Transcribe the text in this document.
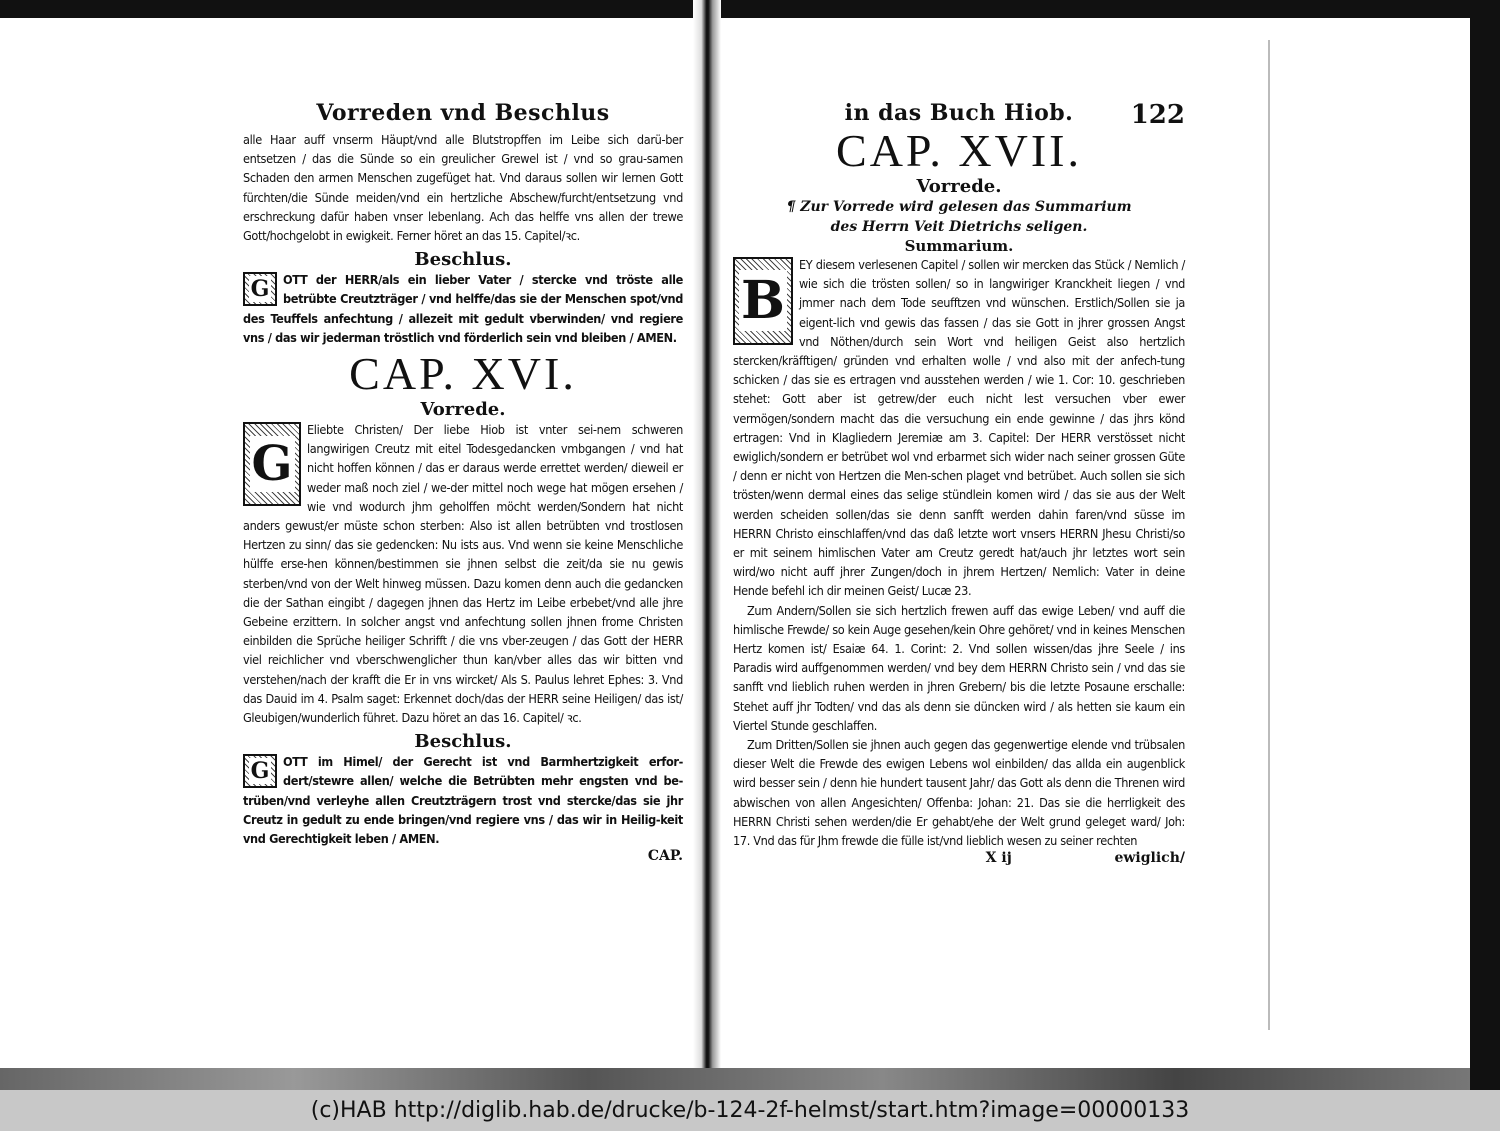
Vorreden vnd Beschlus

alle Haar auff vnserm Häupt/vnd alle Blutstropffen im Leibe sich darü-ber entsetzen / das die Sünde so ein greulicher Grewel ist / vnd so grau-samen Schaden den armen Menschen zugefüget hat. Vnd daraus sollen wir lernen Gott fürchten/die Sünde meiden/vnd ein hertzliche Abschew/furcht/entsetzung vnd erschreckung dafür haben vnser lebenlang. Ach das helffe vns allen der trewe Gott/hochgelobt in ewigkeit. Ferner höret an das 15. Capitel/ꝛc.

Beschlus.
G	OTT der HERR/als ein lieber Vater / stercke vnd tröste alle betrübte Creutzträger / vnd helffe/das sie der Menschen spot/vnd des Teuffels anfechtung / allezeit mit gedult vberwinden/ vnd regiere vns / das wir jederman tröstlich vnd förderlich sein vnd bleiben / AMEN.

CAP. XVI.
Vorrede.
G

Eliebte Christen/ Der liebe Hiob ist vnter sei-nem schweren langwirigen Creutz mit eitel Todesgedancken vmbgangen / vnd hat nicht hoffen können / das er daraus werde errettet werden/ dieweil er weder maß noch ziel / we-der mittel noch wege hat mögen ersehen / wie vnd wodurch jhm geholffen möcht werden/Sondern hat nicht anders gewust/er müste schon sterben: Also ist allen betrübten vnd trostlosen Hertzen zu sinn/ das sie gedencken: Nu ists aus. Vnd wenn sie keine Menschliche hülffe erse-hen können/bestimmen sie jhnen selbst die zeit/da sie nu gewis sterben/vnd von der Welt hinweg müssen. Dazu komen denn auch die gedancken die der Sathan eingibt / dagegen jhnen das Hertz im Leibe erbebet/vnd alle jhre Gebeine erzittern. In solcher angst vnd anfechtung sollen jhnen frome Christen einbilden die Sprüche heiliger Schrifft / die vns vber-zeugen / das Gott der HERR viel reichlicher vnd vberschwenglicher thun kan/vber alles das wir bitten vnd verstehen/nach der krafft die Er in vns wircket/ Als S. Paulus lehret Ephes: 3. Vnd das Dauid im 4. Psalm saget: Erkennet doch/das der HERR seine Heiligen/ das ist/ Gleubigen/wunderlich führet. Dazu höret an das 16. Capitel/ ꝛc.

Beschlus.
G	OTT im Himel/ der Gerecht ist vnd Barmhertzigkeit erfor-dert/stewre allen/ welche die Betrübten mehr engsten vnd be-trüben/vnd verleyhe allen Creutzträgern trost vnd stercke/das sie jhr Creutz in gedult zu ende bringen/vnd regiere vns / das wir in Heilig-keit vnd Gerechtigkeit leben / AMEN.

CAP.
in das Buch Hiob.	122
CAP. XVII.
Vorrede.
¶ Zur Vorrede wird gelesen das Summarium des Herrn Veit Dietrichs seligen.
Summarium.
B

EY diesem verlesenen Capitel / sollen wir mercken das Stück / Nemlich / wie sich die trösten sollen/ so in langwiriger Kranckheit liegen / vnd jmmer nach dem Tode seufftzen vnd wünschen. Erstlich/Sollen sie ja eigent-lich vnd gewis das fassen / das sie Gott in jhrer grossen Angst vnd Nöthen/durch sein Wort vnd heiligen Geist also hertzlich stercken/kräfftigen/ gründen vnd erhalten wolle / vnd also mit der anfech-tung schicken / das sie es ertragen vnd ausstehen werden / wie 1. Cor: 10. geschrieben stehet: Gott aber ist getrew/der euch nicht lest versuchen vber ewer vermögen/sondern macht das die versuchung ein ende gewinne / das jhrs könd ertragen: Vnd in Klagliedern Jeremiæ am 3. Capitel: Der HERR verstösset nicht ewiglich/sondern er betrübet wol vnd erbarmet sich wider nach seiner grossen Güte / denn er nicht von Hertzen die Men-schen plaget vnd betrübet. Auch sollen sie sich trösten/wenn dermal eines das selige stündlein komen wird / das sie aus der Welt werden scheiden sollen/das sie denn sanfft werden dahin faren/vnd süsse im HERRN Christo einschlaffen/vnd das daß letzte wort vnsers HERRN Jhesu Christi/so er mit seinem himlischen Vater am Creutz geredt hat/auch jhr letztes wort sein wird/wo nicht auff jhrer Zungen/doch in jhrem Hertzen/ Nemlich: Vater in deine Hende befehl ich dir meinen Geist/ Lucæ 23.

Zum Andern/Sollen sie sich hertzlich frewen auff das ewige Leben/ vnd auff die himlische Frewde/ so kein Auge gesehen/kein Ohre gehöret/ vnd in keines Menschen Hertz komen ist/ Esaiæ 64. 1. Corint: 2. Vnd sollen wissen/das jhre Seele / ins Paradis wird auffgenommen werden/ vnd bey dem HERRN Christo sein / vnd das sie sanfft vnd lieblich ruhen werden in jhren Grebern/ bis die letzte Posaune erschalle: Stehet auff jhr Todten/ vnd das als denn sie düncken wird / als hetten sie kaum ein Viertel Stunde geschlaffen.

Zum Dritten/Sollen sie jhnen auch gegen das gegenwertige elende vnd trübsalen dieser Welt die Frewde des ewigen Lebens wol einbilden/ das allda ein augenblick wird besser sein / denn hie hundert tausent Jahr/ das Gott als denn die Threnen wird abwischen von allen Angesichten/ Offenba: Johan: 21. Das sie die herrligkeit des HERRN Christi sehen werden/die Er gehabt/ehe der Welt grund geleget ward/ Joh: 17. Vnd das für Jhm frewde die fülle ist/vnd lieblich wesen zu seiner rechten

X ij	ewiglich/
(c)HAB http://diglib.hab.de/drucke/b-124-2f-helmst/start.htm?image=00000133
